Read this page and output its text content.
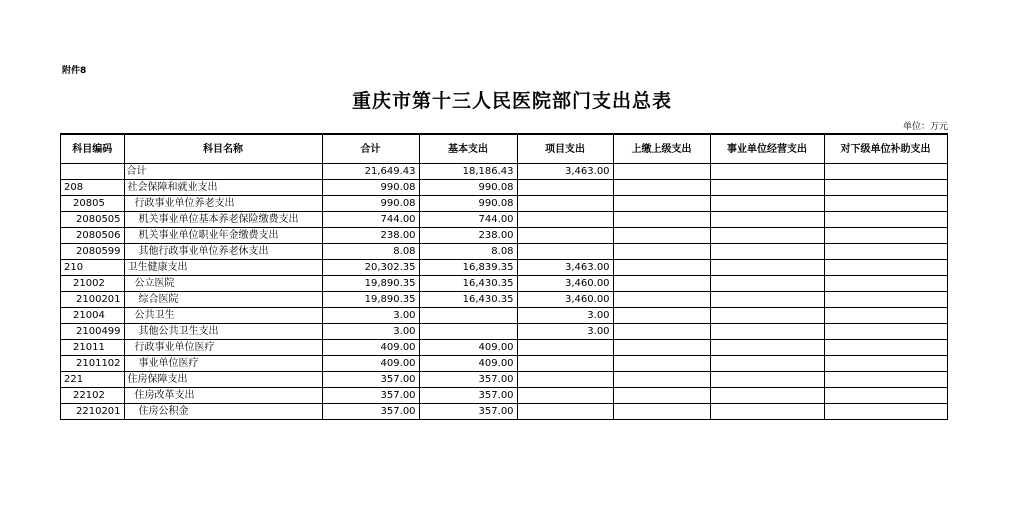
附件8
重庆市第十三人民医院部门支出总表
单位：万元
科目编码	科目名称	合计	基本支出	项目支出	上缴上级支出	事业单位经营支出	对下级单位补助支出
	合计	21,649.43	18,186.43	3,463.00			
208	社会保障和就业支出	990.08	990.08				
20805	行政事业单位养老支出	990.08	990.08				
2080505	机关事业单位基本养老保险缴费支出	744.00	744.00				
2080506	机关事业单位职业年金缴费支出	238.00	238.00				
2080599	其他行政事业单位养老休支出	8.08	8.08				
210	卫生健康支出	20,302.35	16,839.35	3,463.00			
21002	公立医院	19,890.35	16,430.35	3,460.00			
2100201	综合医院	19,890.35	16,430.35	3,460.00			
21004	公共卫生	3.00		3.00			
2100499	其他公共卫生支出	3.00		3.00			
21011	行政事业单位医疗	409.00	409.00				
2101102	事业单位医疗	409.00	409.00				
221	住房保障支出	357.00	357.00				
22102	住房改革支出	357.00	357.00				
2210201	住房公积金	357.00	357.00				
